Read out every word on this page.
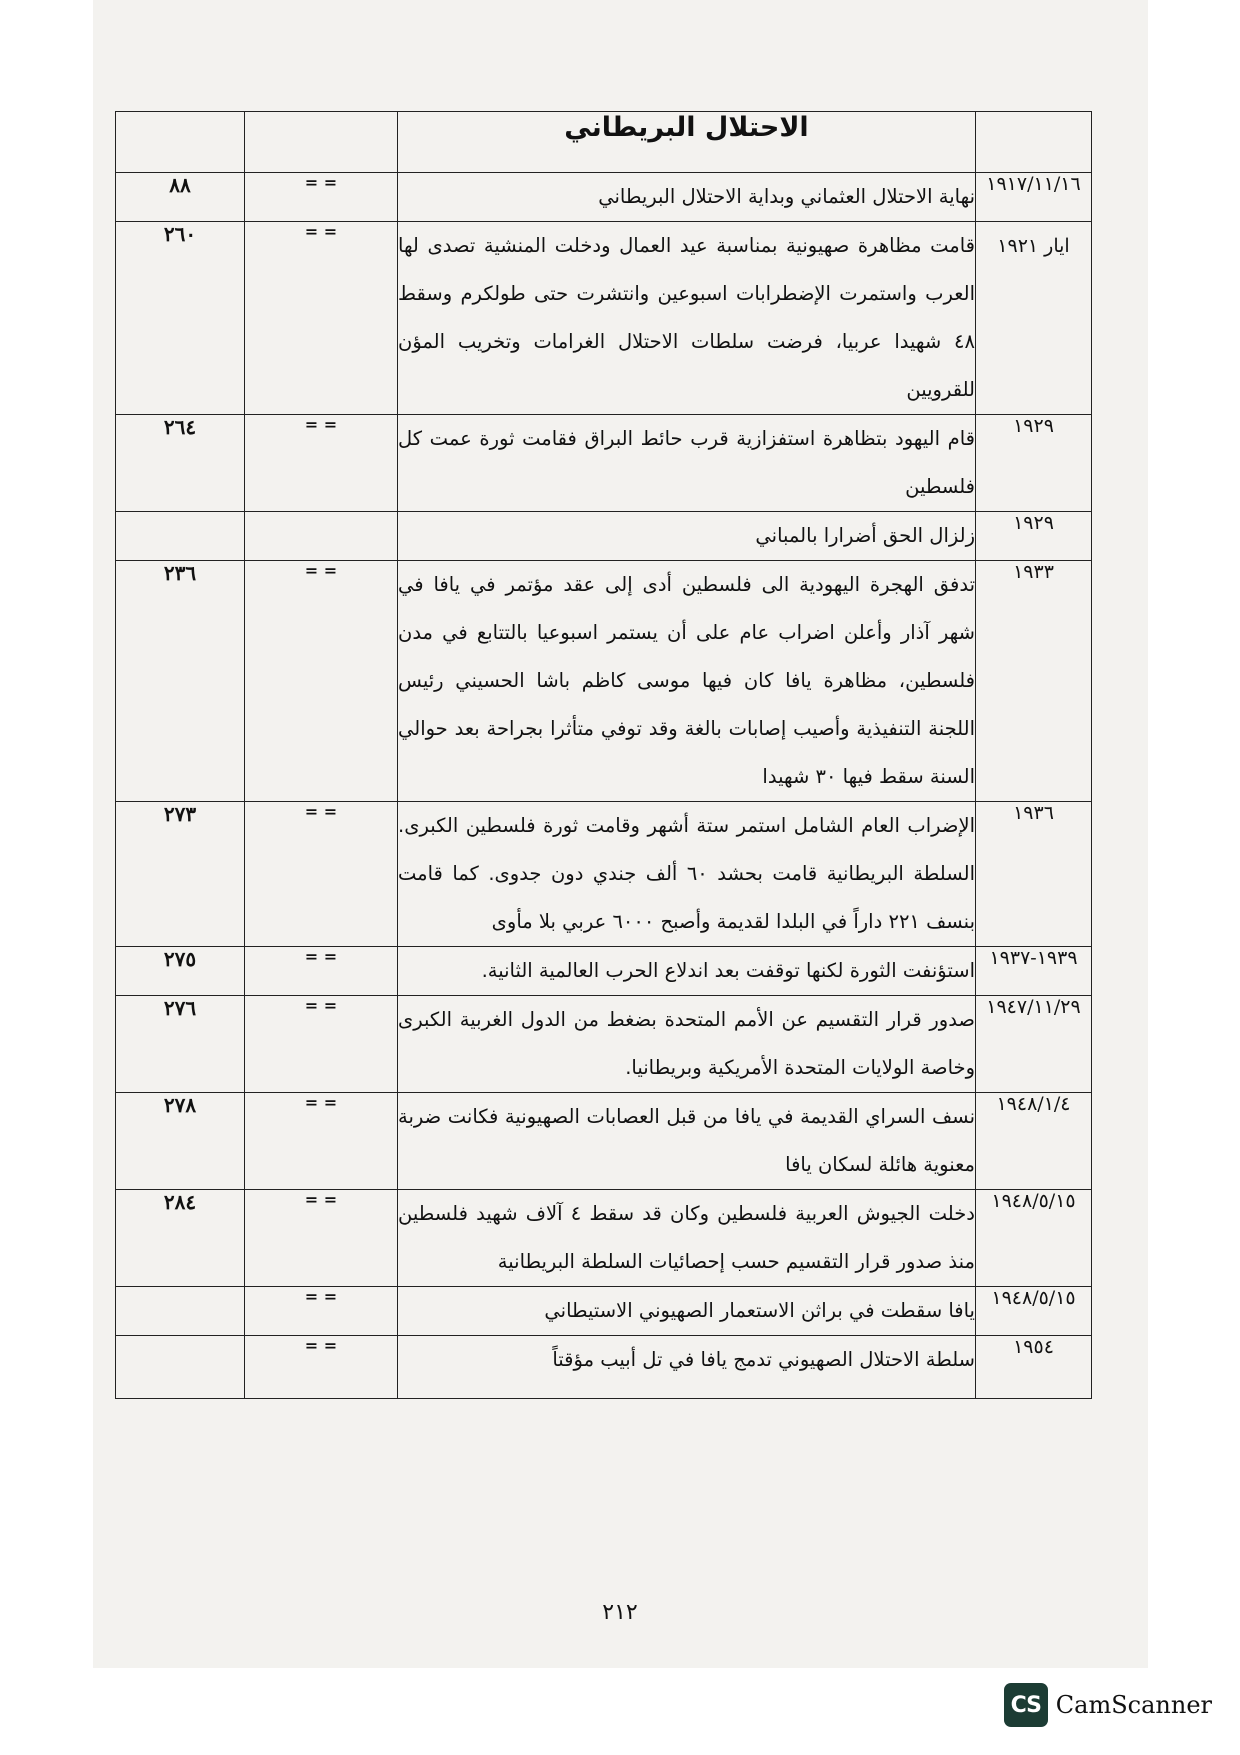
	الاحتلال البريطاني		
١٩١٧/١١/١٦	نهاية الاحتلال العثماني وبداية الاحتلال البريطاني	= =	٨٨
ايار ١٩٢١	قامت مظاهرة صهيونية بمناسبة عيد العمال ودخلت المنشية تصدى لها العرب واستمرت الإضطرابات اسبوعين وانتشرت حتى طولكرم وسقط ٤٨ شهيدا عربيا، فرضت سلطات الاحتلال الغرامات وتخريب المؤن للقرويين	= =	٢٦٠
١٩٢٩	قام اليهود بتظاهرة استفزازية قرب حائط البراق فقامت ثورة عمت كل فلسطين	= =	٢٦٤
١٩٢٩	زلزال الحق أضرارا بالمباني		
١٩٣٣	تدفق الهجرة اليهودية الى فلسطين أدى إلى عقد مؤتمر في يافا في شهر آذار وأعلن اضراب عام على أن يستمر اسبوعيا بالتتابع في مدن فلسطين، مظاهرة يافا كان فيها موسى كاظم باشا الحسيني رئيس اللجنة التنفيذية وأصيب إصابات بالغة وقد توفي متأثرا بجراحة بعد حوالي السنة سقط فيها ٣٠ شهيدا	= =	٢٣٦
١٩٣٦	الإضراب العام الشامل استمر ستة أشهر وقامت ثورة فلسطين الكبرى. السلطة البريطانية قامت بحشد ٦٠ ألف جندي دون جدوى. كما قامت بنسف ٢٢١ داراً في البلدا لقديمة وأصبح ٦٠٠٠ عربي بلا مأوى	= =	٢٧٣
١٩٣٩-١٩٣٧	استؤنفت الثورة لكنها توقفت بعد اندلاع الحرب العالمية الثانية.	= =	٢٧٥
١٩٤٧/١١/٢٩	صدور قرار التقسيم عن الأمم المتحدة بضغط من الدول الغربية الكبرى وخاصة الولايات المتحدة الأمريكية وبريطانيا.	= =	٢٧٦
١٩٤٨/١/٤	نسف السراي القديمة في يافا من قبل العصابات الصهيونية فكانت ضربة معنوية هائلة لسكان يافا	= =	٢٧٨
١٩٤٨/٥/١٥	دخلت الجيوش العربية فلسطين وكان قد سقط ٤ آلاف شهيد فلسطين منذ صدور قرار التقسيم حسب إحصائيات السلطة البريطانية	= =	٢٨٤
١٩٤٨/٥/١٥	يافا سقطت في براثن الاستعمار الصهيوني الاستيطاني	= =	
١٩٥٤	سلطة الاحتلال الصهيوني تدمج يافا في تل أبيب مؤقتاً	= =	
٢١٢
CS CamScanner
